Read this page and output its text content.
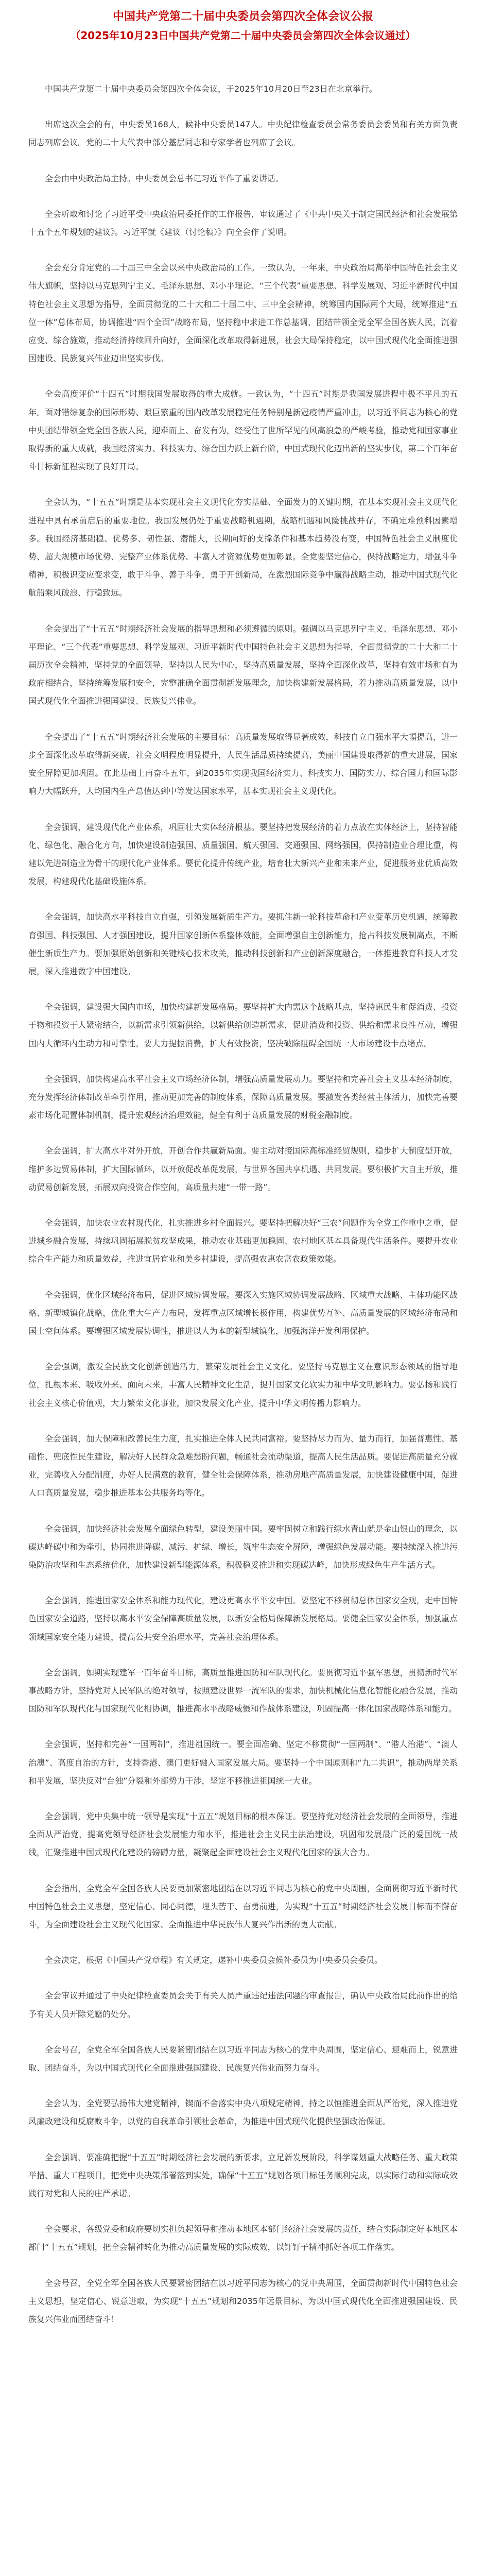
中国共产党第二十届中央委员会第四次全体会议公报

（2025年10月23日中国共产党第二十届中央委员会第四次全体会议通过）

中国共产党第二十届中央委员会第四次全体会议，于2025年10月20日至23日在北京举行。

出席这次全会的有，中央委员168人，候补中央委员147人。中央纪律检查委员会常务委员会委员和有关方面负责同志列席会议。党的二十大代表中部分基层同志和专家学者也列席了会议。

全会由中央政治局主持。中央委员会总书记习近平作了重要讲话。

全会听取和讨论了习近平受中央政治局委托作的工作报告，审议通过了《中共中央关于制定国民经济和社会发展第十五个五年规划的建议》。习近平就《建议（讨论稿）》向全会作了说明。

全会充分肯定党的二十届三中全会以来中央政治局的工作。一致认为，一年来，中央政治局高举中国特色社会主义伟大旗帜，坚持以马克思列宁主义、毛泽东思想、邓小平理论、“三个代表”重要思想、科学发展观、习近平新时代中国特色社会主义思想为指导，全面贯彻党的二十大和二十届二中、三中全会精神，统筹国内国际两个大局，统筹推进“五位一体”总体布局，协调推进“四个全面”战略布局，坚持稳中求进工作总基调，团结带领全党全军全国各族人民，沉着应变、综合施策，推动经济持续回升向好，全面深化改革取得新进展，社会大局保持稳定，以中国式现代化全面推进强国建设、民族复兴伟业迈出坚实步伐。

全会高度评价“十四五”时期我国发展取得的重大成就。一致认为，“十四五”时期是我国发展进程中极不平凡的五年。面对错综复杂的国际形势、艰巨繁重的国内改革发展稳定任务特别是新冠疫情严重冲击，以习近平同志为核心的党中央团结带领全党全国各族人民，迎难而上、奋发有为，经受住了世所罕见的风高浪急的严峻考验，推动党和国家事业取得新的重大成就，我国经济实力、科技实力、综合国力跃上新台阶，中国式现代化迈出新的坚实步伐，第二个百年奋斗目标新征程实现了良好开局。

全会认为，“十五五”时期是基本实现社会主义现代化夯实基础、全面发力的关键时期，在基本实现社会主义现代化进程中具有承前启后的重要地位。我国发展仍处于重要战略机遇期，战略机遇和风险挑战并存，不确定难预料因素增多。我国经济基础稳、优势多、韧性强、潜能大，长期向好的支撑条件和基本趋势没有变，中国特色社会主义制度优势、超大规模市场优势、完整产业体系优势、丰富人才资源优势更加彰显。全党要坚定信心，保持战略定力，增强斗争精神，积极识变应变求变，敢于斗争、善于斗争，勇于开创新局，在激烈国际竞争中赢得战略主动，推动中国式现代化航船乘风破浪、行稳致远。

全会提出了“十五五”时期经济社会发展的指导思想和必须遵循的原则。强调以马克思列宁主义、毛泽东思想、邓小平理论、“三个代表”重要思想、科学发展观、习近平新时代中国特色社会主义思想为指导，全面贯彻党的二十大和二十届历次全会精神，坚持党的全面领导，坚持以人民为中心，坚持高质量发展，坚持全面深化改革，坚持有效市场和有为政府相结合，坚持统筹发展和安全，完整准确全面贯彻新发展理念，加快构建新发展格局，着力推动高质量发展，以中国式现代化全面推进强国建设、民族复兴伟业。

全会提出了“十五五”时期经济社会发展的主要目标：高质量发展取得显著成效，科技自立自强水平大幅提高，进一步全面深化改革取得新突破，社会文明程度明显提升，人民生活品质持续提高，美丽中国建设取得新的重大进展，国家安全屏障更加巩固。在此基础上再奋斗五年，到2035年实现我国经济实力、科技实力、国防实力、综合国力和国际影响力大幅跃升，人均国内生产总值达到中等发达国家水平，基本实现社会主义现代化。

全会强调，建设现代化产业体系，巩固壮大实体经济根基。要坚持把发展经济的着力点放在实体经济上，坚持智能化、绿色化、融合化方向，加快建设制造强国、质量强国、航天强国、交通强国、网络强国，保持制造业合理比重，构建以先进制造业为骨干的现代化产业体系。要优化提升传统产业，培育壮大新兴产业和未来产业，促进服务业优质高效发展，构建现代化基础设施体系。

全会强调，加快高水平科技自立自强，引领发展新质生产力。要抓住新一轮科技革命和产业变革历史机遇，统筹教育强国、科技强国、人才强国建设，提升国家创新体系整体效能，全面增强自主创新能力，抢占科技发展制高点，不断催生新质生产力。要加强原始创新和关键核心技术攻关，推动科技创新和产业创新深度融合，一体推进教育科技人才发展，深入推进数字中国建设。

全会强调，建设强大国内市场，加快构建新发展格局。要坚持扩大内需这个战略基点，坚持惠民生和促消费、投资于物和投资于人紧密结合，以新需求引领新供给，以新供给创造新需求，促进消费和投资、供给和需求良性互动，增强国内大循环内生动力和可靠性。要大力提振消费，扩大有效投资，坚决破除阻碍全国统一大市场建设卡点堵点。

全会强调，加快构建高水平社会主义市场经济体制，增强高质量发展动力。要坚持和完善社会主义基本经济制度，充分发挥经济体制改革牵引作用，推动更加完善的制度体系，保障高质量发展。要激发各类经营主体活力，加快完善要素市场化配置体制机制，提升宏观经济治理效能，健全有利于高质量发展的财税金融制度。

全会强调，扩大高水平对外开放，开创合作共赢新局面。要主动对接国际高标准经贸规则，稳步扩大制度型开放，维护多边贸易体制，扩大国际循环，以开放促改革促发展，与世界各国共享机遇、共同发展。要积极扩大自主开放，推动贸易创新发展，拓展双向投资合作空间，高质量共建“一带一路”。

全会强调，加快农业农村现代化，扎实推进乡村全面振兴。要坚持把解决好“三农”问题作为全党工作重中之重，促进城乡融合发展，持续巩固拓展脱贫攻坚成果，推动农业基础更加稳固、农村地区基本具备现代生活条件。要提升农业综合生产能力和质量效益，推进宜居宜业和美乡村建设，提高强农惠农富农政策效能。

全会强调，优化区域经济布局，促进区域协调发展。要深入实施区域协调发展战略、区域重大战略、主体功能区战略、新型城镇化战略，优化重大生产力布局，发挥重点区域增长极作用，构建优势互补、高质量发展的区域经济布局和国土空间体系。要增强区域发展协调性，推进以人为本的新型城镇化，加强海洋开发利用保护。

全会强调，激发全民族文化创新创造活力，繁荣发展社会主义文化。要坚持马克思主义在意识形态领域的指导地位，扎根本来、吸收外来、面向未来，丰富人民精神文化生活，提升国家文化软实力和中华文明影响力。要弘扬和践行社会主义核心价值观，大力繁荣文化事业，加快发展文化产业，提升中华文明传播力影响力。

全会强调，加大保障和改善民生力度，扎实推进全体人民共同富裕。要坚持尽力而为、量力而行，加强普惠性、基础性、兜底性民生建设，解决好人民群众急难愁盼问题，畅通社会流动渠道，提高人民生活品质。要促进高质量充分就业，完善收入分配制度，办好人民满意的教育，健全社会保障体系，推动房地产高质量发展，加快建设健康中国，促进人口高质量发展，稳步推进基本公共服务均等化。

全会强调，加快经济社会发展全面绿色转型，建设美丽中国。要牢固树立和践行绿水青山就是金山银山的理念，以碳达峰碳中和为牵引，协同推进降碳、减污、扩绿、增长，筑牢生态安全屏障，增强绿色发展动能。要持续深入推进污染防治攻坚和生态系统优化，加快建设新型能源体系，积极稳妥推进和实现碳达峰，加快形成绿色生产生活方式。

全会强调，推进国家安全体系和能力现代化，建设更高水平平安中国。要坚定不移贯彻总体国家安全观，走中国特色国家安全道路，坚持以高水平安全保障高质量发展，以新安全格局保障新发展格局。要健全国家安全体系，加强重点领域国家安全能力建设，提高公共安全治理水平，完善社会治理体系。

全会强调，如期实现建军一百年奋斗目标，高质量推进国防和军队现代化。要贯彻习近平强军思想，贯彻新时代军事战略方针，坚持党对人民军队的绝对领导，按照建设世界一流军队的要求，加快机械化信息化智能化融合发展，推动国防和军队现代化与国家现代化相协调，推进高水平战略威慑和作战体系建设，巩固提高一体化国家战略体系和能力。

全会强调，坚持和完善“一国两制”，推进祖国统一。要全面准确、坚定不移贯彻“一国两制”、“港人治港”、“澳人治澳”、高度自治的方针，支持香港、澳门更好融入国家发展大局。要坚持一个中国原则和“九二共识”，推动两岸关系和平发展，坚决反对“台独”分裂和外部势力干涉，坚定不移推进祖国统一大业。

全会强调，党中央集中统一领导是实现“十五五”规划目标的根本保证。要坚持党对经济社会发展的全面领导，推进全面从严治党，提高党领导经济社会发展能力和水平，推进社会主义民主法治建设，巩固和发展最广泛的爱国统一战线，汇聚推进中国式现代化建设的磅礴力量，凝聚起全面建设社会主义现代化国家的强大合力。

全会指出，全党全军全国各族人民要更加紧密地团结在以习近平同志为核心的党中央周围，全面贯彻习近平新时代中国特色社会主义思想，坚定信心、同心同德，埋头苦干、奋勇前进，为实现“十五五”时期经济社会发展目标而不懈奋斗，为全面建设社会主义现代化国家、全面推进中华民族伟大复兴作出新的更大贡献。

全会决定，根据《中国共产党章程》有关规定，递补中央委员会候补委员为中央委员会委员。

全会审议并通过了中央纪律检查委员会关于有关人员严重违纪违法问题的审查报告，确认中央政治局此前作出的给予有关人员开除党籍的处分。

全会号召，全党全军全国各族人民要紧密团结在以习近平同志为核心的党中央周围，坚定信心、迎难而上，锐意进取、团结奋斗，为以中国式现代化全面推进强国建设、民族复兴伟业而努力奋斗。

全会认为，全党要弘扬伟大建党精神，锲而不舍落实中央八项规定精神，持之以恒推进全面从严治党，深入推进党风廉政建设和反腐败斗争，以党的自我革命引领社会革命，为推进中国式现代化提供坚强政治保证。

全会强调，要准确把握“十五五”时期经济社会发展的新要求，立足新发展阶段，科学谋划重大战略任务、重大政策举措、重大工程项目，把党中央决策部署落到实处，确保“十五五”规划各项目标任务顺利完成，以实际行动和实际成效践行对党和人民的庄严承诺。

全会要求，各级党委和政府要切实担负起领导和推动本地区本部门经济社会发展的责任，结合实际制定好本地区本部门“十五五”规划，把全会精神转化为推动高质量发展的实际成效，以钉钉子精神抓好各项工作落实。

全会号召，全党全军全国各族人民要紧密团结在以习近平同志为核心的党中央周围，全面贯彻新时代中国特色社会主义思想，坚定信心、锐意进取，为实现“十五五”规划和2035年远景目标、为以中国式现代化全面推进强国建设、民族复兴伟业而团结奋斗！
